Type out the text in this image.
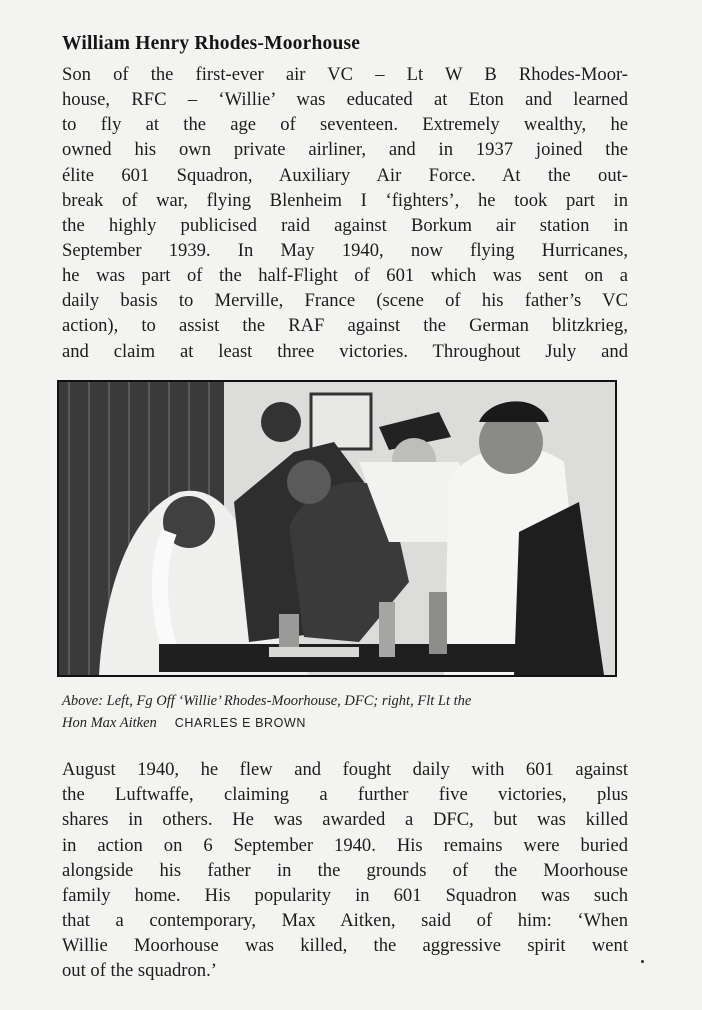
William Henry Rhodes-Moorhouse
Son of the first-ever air VC – Lt W B Rhodes-Moor-
house, RFC – ‘Willie’ was educated at Eton and learned
to fly at the age of seventeen. Extremely wealthy, he
owned his own private airliner, and in 1937 joined the
élite 601 Squadron, Auxiliary Air Force. At the out-
break of war, flying Blenheim I ‘fighters’, he took part in
the highly publicised raid against Borkum air station in
September 1939. In May 1940, now flying Hurricanes,
he was part of the half-Flight of 601 which was sent on a
daily basis to Merville, France (scene of his father’s VC
action), to assist the RAF against the German blitzkrieg,
and claim at least three victories. Throughout July and
Above: Left, Fg Off ‘Willie’ Rhodes-Moorhouse, DFC; right, Flt Lt the
Hon Max Aitken CHARLES E BROWN
August 1940, he flew and fought daily with 601 against
the Luftwaffe, claiming a further five victories, plus
shares in others. He was awarded a DFC, but was killed
in action on 6 September 1940. His remains were buried
alongside his father in the grounds of the Moorhouse
family home. His popularity in 601 Squadron was such
that a contemporary, Max Aitken, said of him: ‘When
Willie Moorhouse was killed, the aggressive spirit went
out of the squadron.’
